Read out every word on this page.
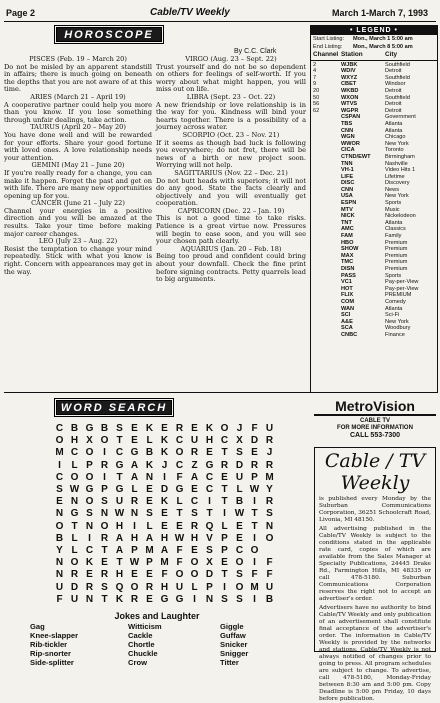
Page 2	Cable/TV Weekly	March 1-March 7, 1993
HOROSCOPE
By C.C. Clark
PISCES (Feb. 19 – March 20)

Do not be misled by an apparent standstill in affairs; there is much going on beneath the depths that you are not aware of at this time.

ARIES (March 21 – April 19)

A cooperative partner could help you more than you know. If you lose something through unfair dealings, take action.

TAURUS (April 20 – May 20)

You have done well and will be rewarded for your efforts. Share your good fortune with loved ones. A love relationship needs your attention.

GEMINI (May 21 – June 20)

If you're really ready for a change, you can make it happen. Forget the past and get on with life. There are many new opportunities opening up for you.

CANCER (June 21 – July 22)

Channel your energies in a positive direction and you will be amazed at the results. Take your time before making major career changes.

LEO (July 23 – Aug. 22)

Resist the temptation to change your mind repeatedly. Stick with what you know is right. Concern with appearances may get in the way.

VIRGO (Aug. 23 – Sept. 22)

Trust yourself and do not be so dependent on others for feelings of self-worth. If you worry about what might happen, you will miss out on life.

LIBRA (Sept. 23 – Oct. 22)

A new friendship or love relationship is in the way for you. Kindness will bind your hearts together. There is a possibility of a journey across water.

SCORPIO (Oct. 23 – Nov. 21)

If it seems as though bad luck is following you everywhere; do not fret, there will be news of a birth or new project soon. Worrying will not help.

SAGITTARIUS (Nov. 22 – Dec. 21)

Do not butt heads with superiors; it will not do any good. State the facts clearly and objectively and you will eventually get cooperation.

CAPRICORN (Dec. 22 – Jan. 19)

This is not a good time to take risks. Patience is a great virtue now. Pressures will begin to ease soon, and you will see your chosen path clearly.

AQUARIUS (Jan. 20 – Feb. 18)

Being too proud and confident could bring about your downfall. Check the fine print before signing contracts. Petty quarrels lead to big arguments.

• LEGEND •
Start Listing:	Mon., March 1 5:00 am
End Listing:	Mon., March 8 5:00 am
Channel Station	City
2	WJBK	Southfield
4	WDIV	Detroit
7	WXYZ	Southfield
9	CBET	Windsor
20	WKBD	Detroit
50	WXON	Southfield
56	WTVS	Detroit
62	WGPR	Detroit
CSPAN	Government
TBS	Atlanta
CNN	Atlanta
WGN	Chicago
WWOR	New York
CICA	Toronto
CTND/EWT	Birmingham
TNN	Nashville
VH-1	Video Hits 1
LIFE	Lifetime
DISC	Discovery
CNN	News
USA	New York
ESPN	Sports
MTV	Music
NICK	Nickelodeon
TNT	Atlanta
AMC	Classics
FAM	Family
HBO	Premium
SHOW	Premium
MAX	Premium
TMC	Premium
DISN	Premium
PASS	Sports
VC1	Pay-per-View
HOT	Pay-per-View
FLIX	PREMIUM
COM	Comedy
WAN	Atlanta
SCI	Sci-Fi
A&E	New York
SCA	Woodbury
CNBC	Finance
WORD SEARCH
C B G B S E K E R E K O J F U
O H X O T E L K C U H C X D R
M C O I C G B K O R E T S E J
I	L P R G A K J C Z G R D R R
C O O I	T A N	I	F A C E U P M
S W G P G L E D G E C T L W Y
E N O S U R E K L C	I	T B	I R
N G S N W N S E T S T	I W T S
O T N O H	I	L E E R Q L E T N
B L	I R A H A H W H V P E	I O
Y L C T A P M A F E S P C O
N O K E T W P M F O X E O I	F
N R E R H E E F O O D T S F F
U D R S Q O R H U L P	I O M U
F U N T K R E G G I N S S	I B
Jokes and Laughter
Gag	Witticism	Giggle
Knee-slapper	Cackle	Guffaw
Rib-tickler	Chortle	Snicker
Rip-snorter	Chuckle	Snigger
Side-splitter	Crow	Titter
MetroVision
CABLE TV
FOR MORE INFORMATION
CALL 553-7300
Cable / TV
Weekly

is published every Monday by the Suburban Communications Corporation, 36251 Schoolcraft Road, Livonia, MI 48150.

All advertising published in the Cable/TV Weekly is subject to the conditions stated in the applicable rate card, copies of which are available from the Sales Manager at Specialty Publications, 24445 Drake Rd., Farmington Hills, MI 48335 or call 478-5180. Suburban Communications Corporation reserves the right not to accept an advertiser's order.

Advertisers have no authority to bind Cable/TV Weekly and only publication of an advertisement shall constitute final acceptance of the advertiser's order. The information in Cable/TV Weekly is provided by the networks and stations. Cable/TV Weekly is not always notified of changes prior to going to press. All program schedules are subject to change. To advertise, call 478-5180, Monday-Friday between 8:30 am and 5:00 pm. Copy Deadline is 5:00 pm Friday, 10 days before publication.
